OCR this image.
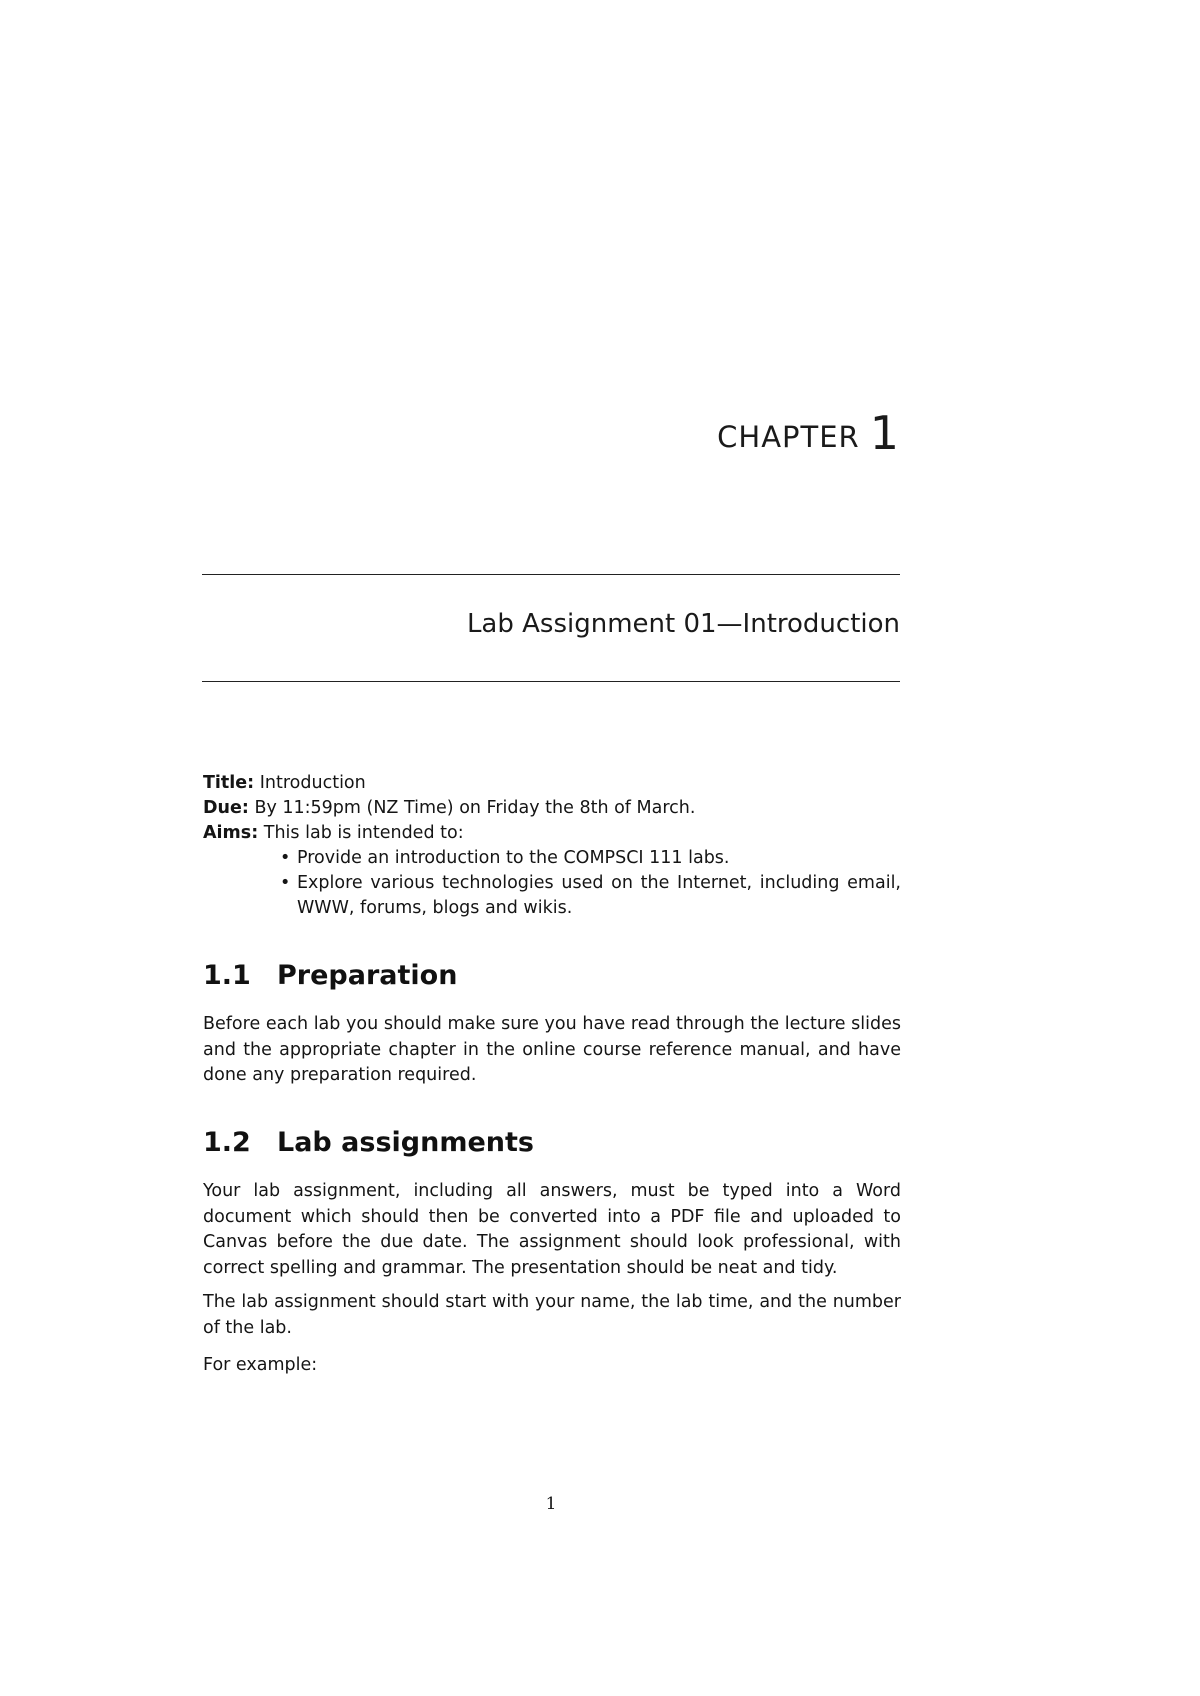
CHAPTER 1
Lab Assignment 01—Introduction
Title: Introduction
Due: By 11:59pm (NZ Time) on Friday the 8th of March.
Aims: This lab is intended to:
• Provide an introduction to the COMPSCI 111 labs.
• Explore various technologies used on the Internet, including email, WWW, forums, blogs and wikis.
1.1 Preparation

Before each lab you should make sure you have read through the lecture slides and the appropriate chapter in the online course reference manual, and have done any preparation required.

1.2 Lab assignments

Your lab assignment, including all answers, must be typed into a Word document which should then be converted into a PDF file and uploaded to Canvas before the due date. The assignment should look professional, with correct spelling and grammar. The presentation should be neat and tidy.

The lab assignment should start with your name, the lab time, and the number of the lab.

For example:

1
